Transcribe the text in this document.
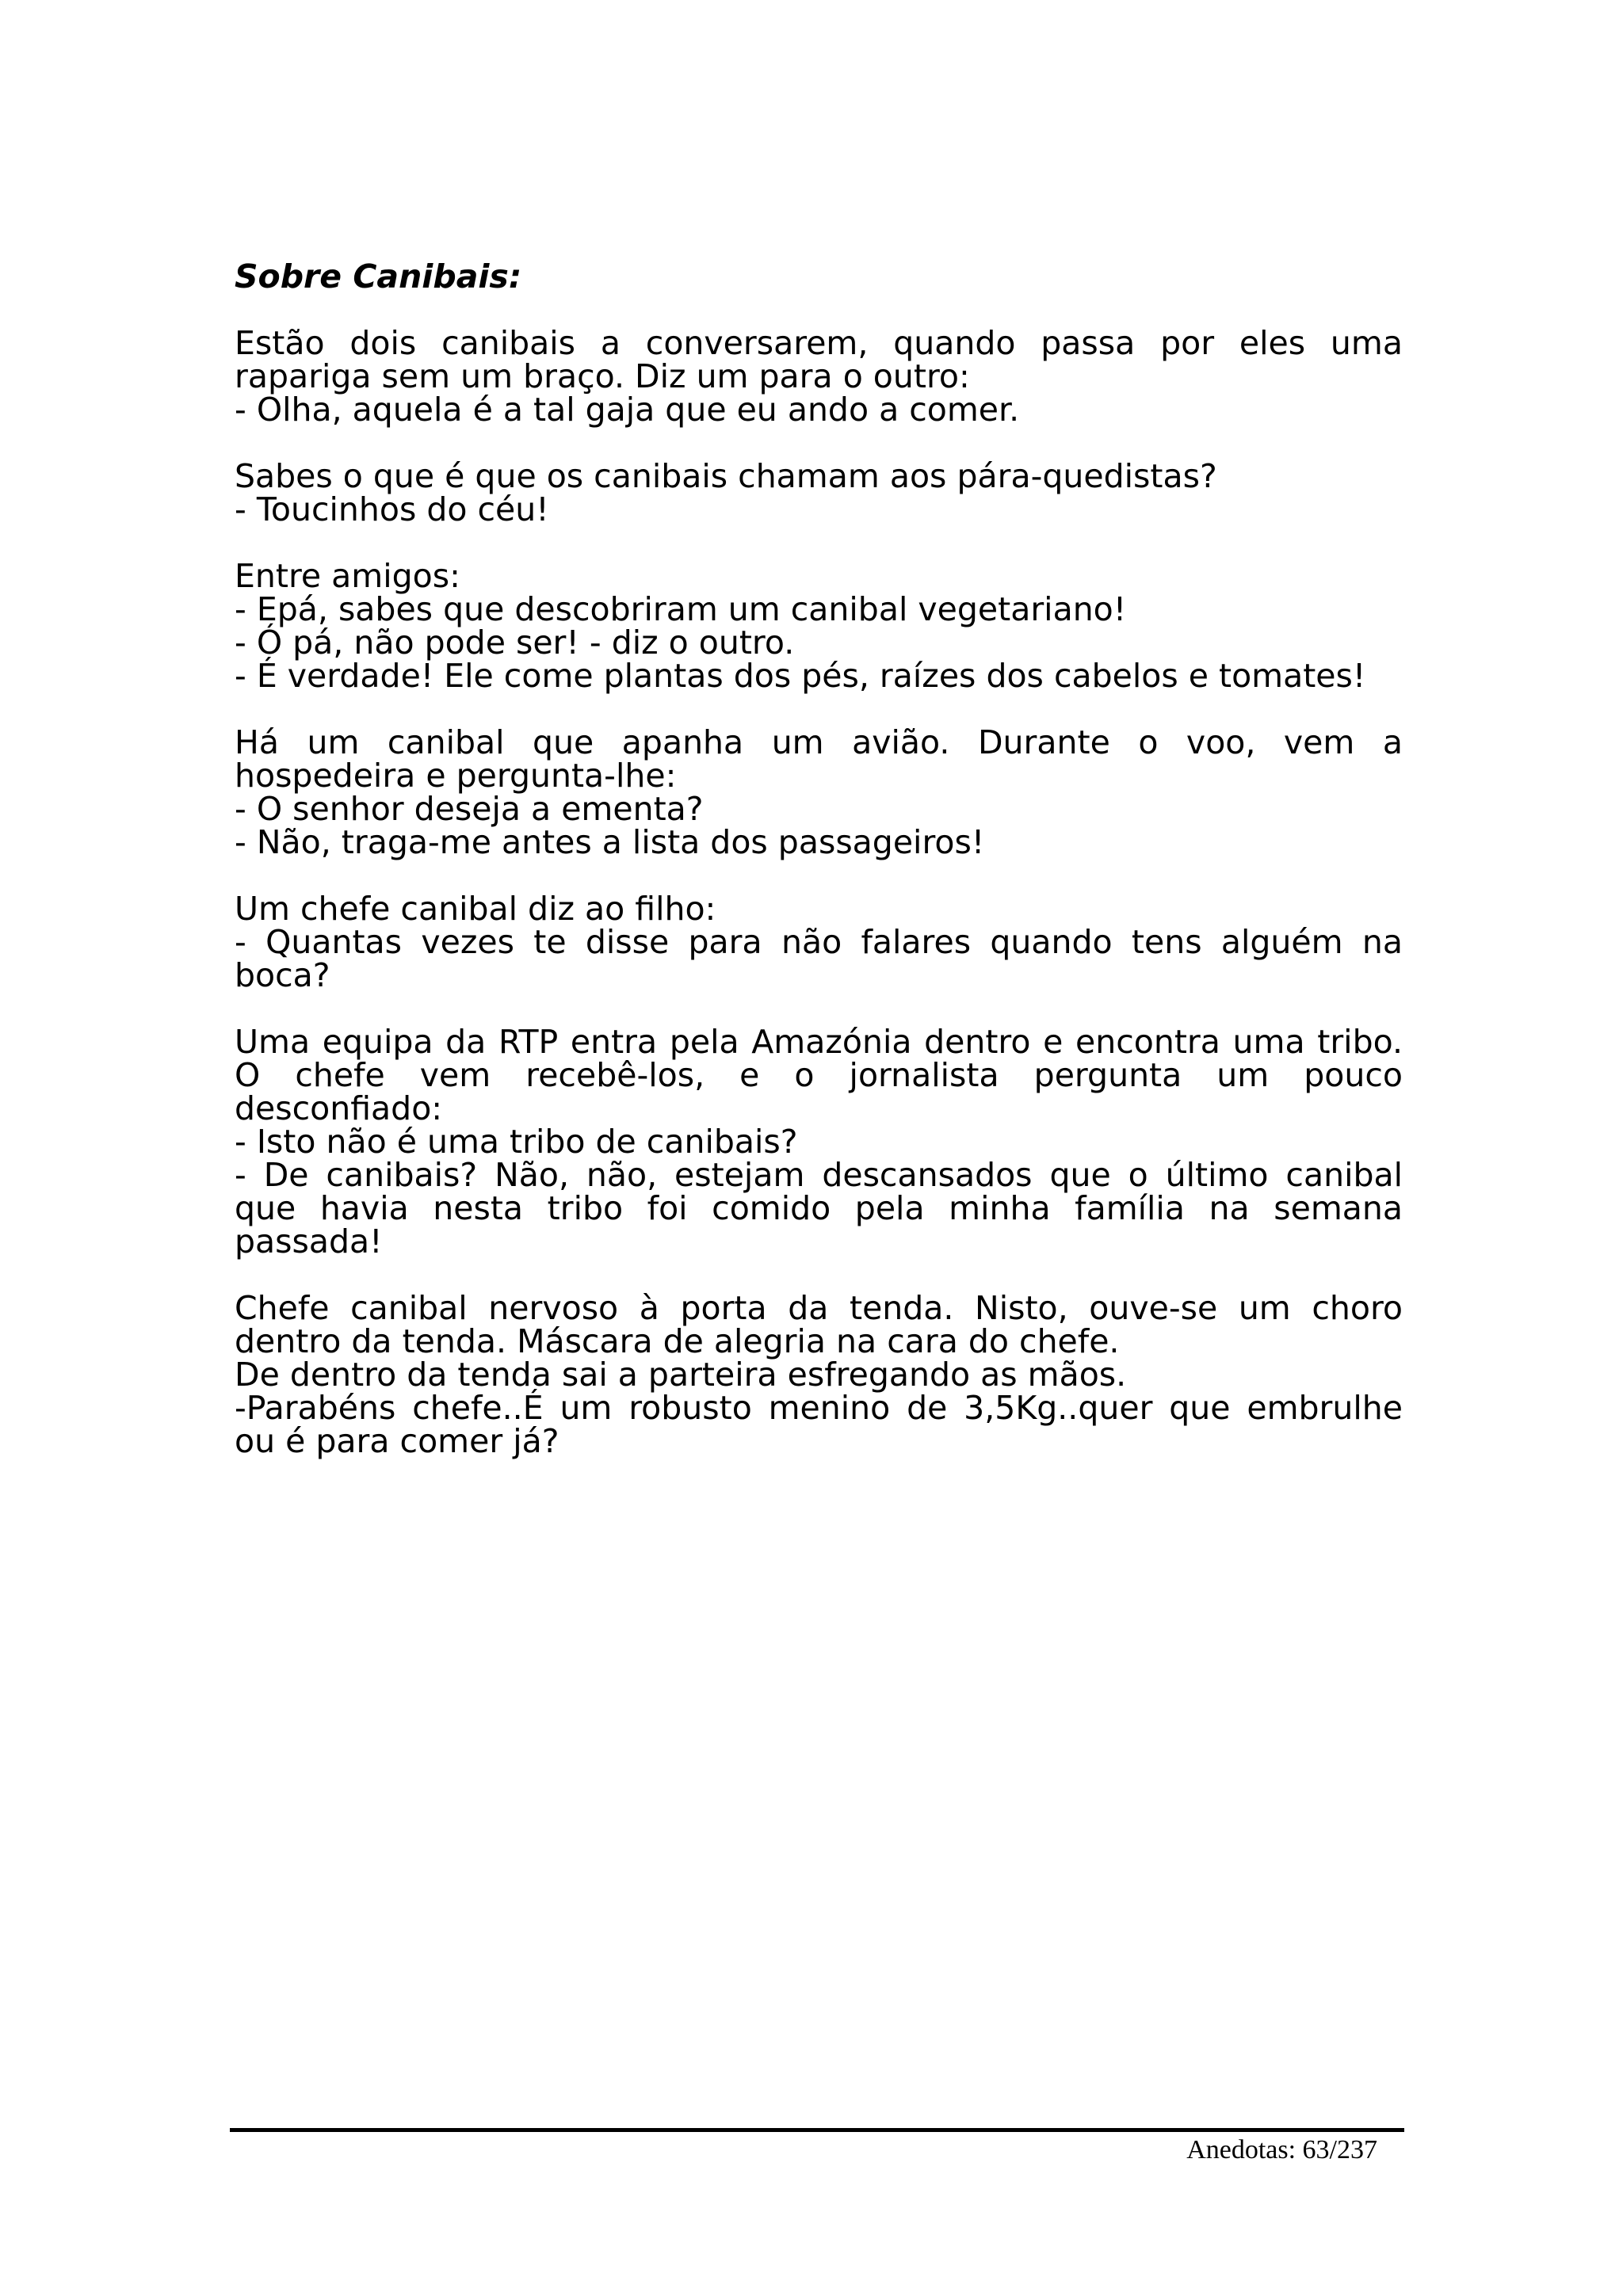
Sobre Canibais:
Estão dois canibais a conversarem, quando passa por eles uma
rapariga sem um braço. Diz um para o outro:
- Olha, aquela é a tal gaja que eu ando a comer.
Sabes o que é que os canibais chamam aos pára-quedistas?
- Toucinhos do céu!
Entre amigos:
- Epá, sabes que descobriram um canibal vegetariano!
- Ó pá, não pode ser! - diz o outro.
- É verdade! Ele come plantas dos pés, raízes dos cabelos e tomates!
Há um canibal que apanha um avião. Durante o voo, vem a
hospedeira e pergunta-lhe:
- O senhor deseja a ementa?
- Não, traga-me antes a lista dos passageiros!
Um chefe canibal diz ao filho:
- Quantas vezes te disse para não falares quando tens alguém na
boca?
Uma equipa da RTP entra pela Amazónia dentro e encontra uma tribo.
O chefe vem recebê-los, e o jornalista pergunta um pouco
desconfiado:
- Isto não é uma tribo de canibais?
- De canibais? Não, não, estejam descansados que o último canibal
que havia nesta tribo foi comido pela minha família na semana
passada!
Chefe canibal nervoso à porta da tenda. Nisto, ouve-se um choro
dentro da tenda. Máscara de alegria na cara do chefe.
De dentro da tenda sai a parteira esfregando as mãos.
-Parabéns chefe..É um robusto menino de 3,5Kg..quer que embrulhe
ou é para comer já?
Anedotas: 63/237
